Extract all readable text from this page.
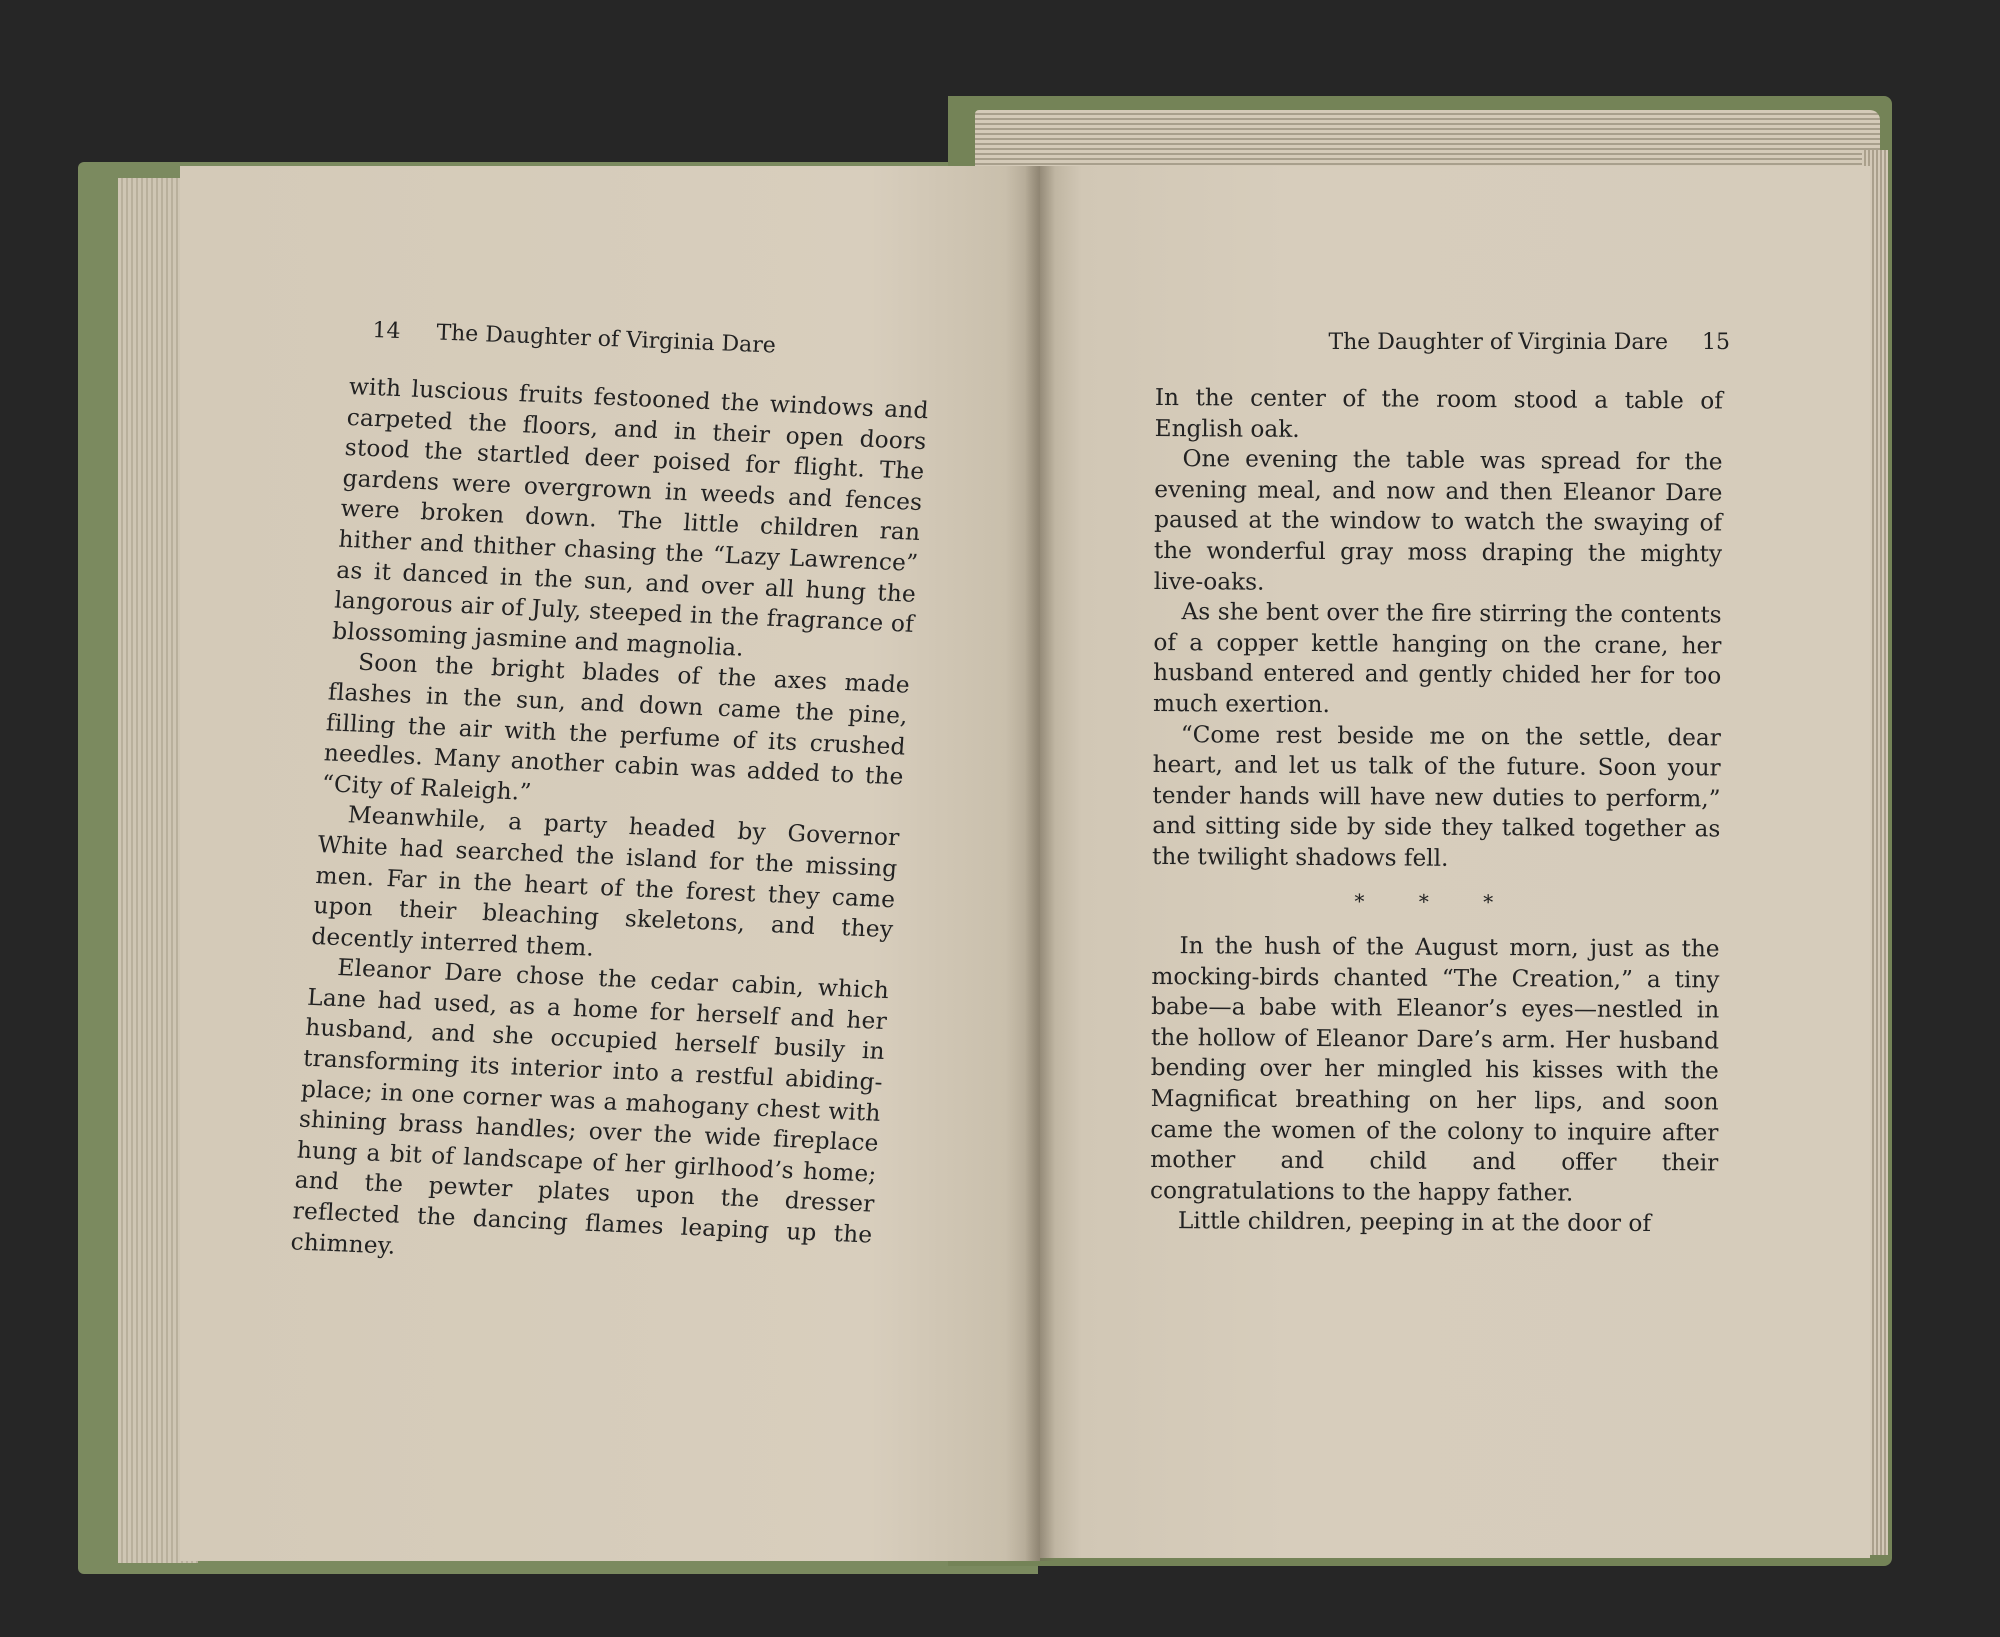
14 The Daughter of Virginia Dare

with luscious fruits festooned the windows and carpeted the floors, and in their open doors stood the startled deer poised for flight. The gardens were overgrown in weeds and fences were broken down. The little children ran hither and thither chasing the “Lazy Lawrence” as it danced in the sun, and over all hung the langorous air of July, steeped in the fragrance of blossoming jasmine and magnolia.

Soon the bright blades of the axes made flashes in the sun, and down came the pine, filling the air with the perfume of its crushed needles. Many another cabin was added to the “City of Raleigh.”

Meanwhile, a party headed by Governor White had searched the island for the missing men. Far in the heart of the forest they came upon their bleaching skeletons, and they decently interred them.

Eleanor Dare chose the cedar cabin, which Lane had used, as a home for herself and her husband, and she occupied herself busily in transforming its interior into a restful abiding-place; in one corner was a mahogany chest with shining brass handles; over the wide fireplace hung a bit of landscape of her girlhood’s home; and the pewter plates upon the dresser reflected the dancing flames leaping up the chimney.

The Daughter of Virginia Dare 15

In the center of the room stood a table of English oak.

One evening the table was spread for the evening meal, and now and then Eleanor Dare paused at the window to watch the swaying of the wonderful gray moss draping the mighty live-oaks.

As she bent over the fire stirring the contents of a copper kettle hanging on the crane, her husband entered and gently chided her for too much exertion.

“Come rest beside me on the settle, dear heart, and let us talk of the future. Soon your tender hands will have new duties to perform,” and sitting side by side they talked together as the twilight shadows fell.

* * *

In the hush of the August morn, just as the mocking-birds chanted “The Creation,” a tiny babe—a babe with Eleanor’s eyes—nestled in the hollow of Eleanor Dare’s arm. Her husband bending over her mingled his kisses with the Magnificat breathing on her lips, and soon came the women of the colony to inquire after mother and child and offer their congratulations to the happy father.

Little children, peeping in at the door of
